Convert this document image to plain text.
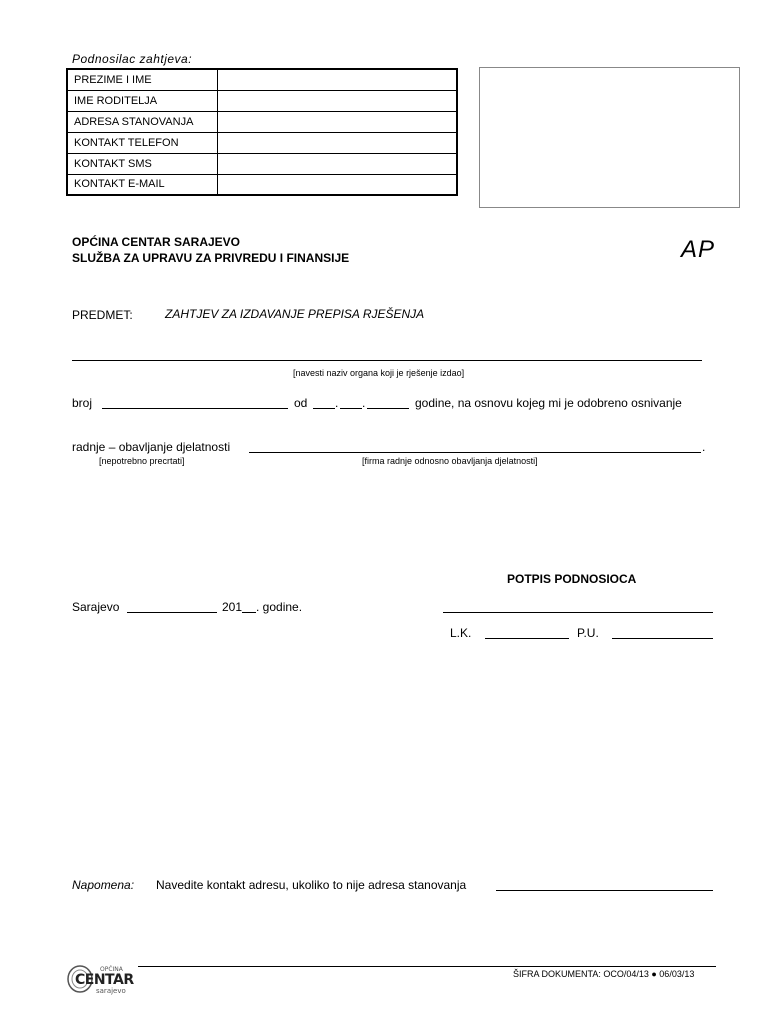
Podnosilac zahtjeva:
PREZIME I IME	
IME RODITELJA	
ADRESA STANOVANJA	
KONTAKT TELEFON	
KONTAKT SMS	
KONTAKT E-MAIL	
OPĆINA CENTAR SARAJEVO
SLUŽBA ZA UPRAVU ZA PRIVREDU I FINANSIJE	AP
PREDMET:	ZAHTJEV ZA IZDAVANJE PREPISA RJEŠENJA
[navesti naziv organa koji je rješenje izdao]
broj	od . .	godine, na osnovu kojeg mi je odobreno osnivanje
radnje – obavljanje djelatnosti	.
[nepotrebno precrtati]	[firma radnje odnosno obavljanja djelatnosti]
POTPIS PODNOSIOCA
Sarajevo	201 . godine.
L.K.	P.U.
Napomena: Navedite kontakt adresu, ukoliko to nije adresa stanovanja
ŠIFRA DOKUMENTA: OCO/04/13 ● 06/03/13
OPĆINA
CENTAR
sarajevo
